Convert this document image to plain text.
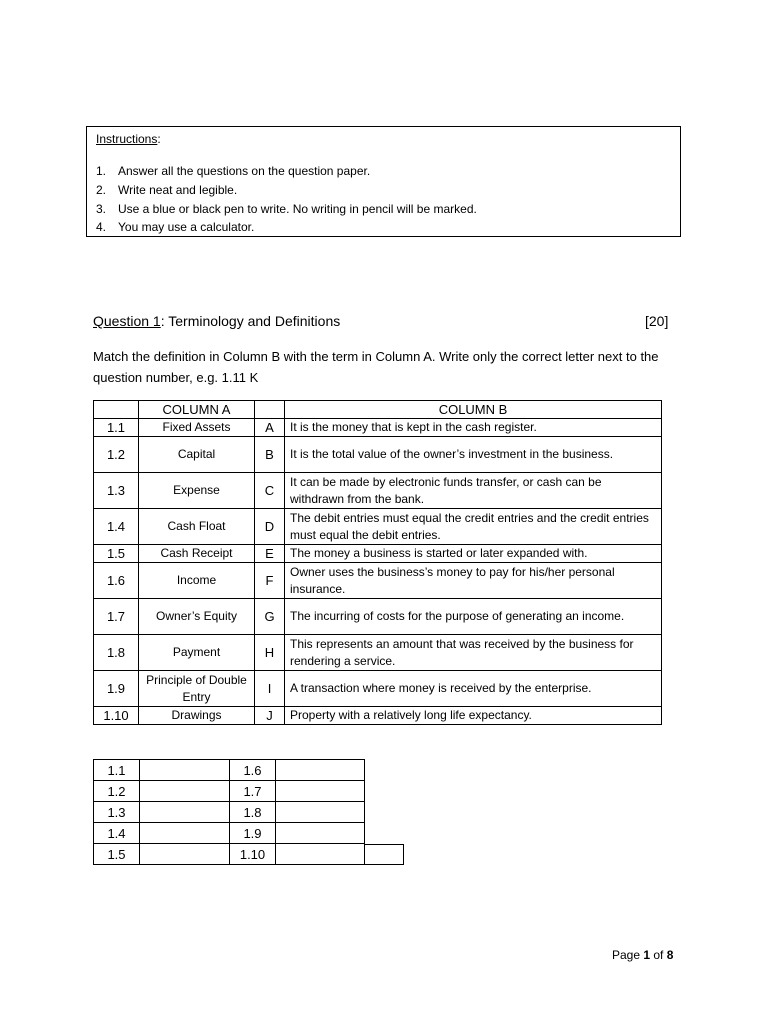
Instructions:
1. Answer all the questions on the question paper.
2. Write neat and legible.
3. Use a blue or black pen to write. No writing in pencil will be marked.
4. You may use a calculator.
Question 1: Terminology and Definitions	[20]
Match the definition in Column B with the term in Column A. Write only the correct letter next to the question number, e.g. 1.11 K
	COLUMN A		COLUMN B
1.1	Fixed Assets	A	It is the money that is kept in the cash register.
1.2	Capital	B	It is the total value of the owner’s investment in the business.
1.3	Expense	C	It can be made by electronic funds transfer, or cash can be withdrawn from the bank.
1.4	Cash Float	D	The debit entries must equal the credit entries and the credit entries must equal the debit entries.
1.5	Cash Receipt	E	The money a business is started or later expanded with.
1.6	Income	F	Owner uses the business’s money to pay for his/her personal insurance.
1.7	Owner’s Equity	G	The incurring of costs for the purpose of generating an income.
1.8	Payment	H	This represents an amount that was received by the business for rendering a service.
1.9	Principle of Double Entry	I	A transaction where money is received by the enterprise.
1.10	Drawings	J	Property with a relatively long life expectancy.
1.1		1.6	
1.2		1.7	
1.3		1.8	
1.4		1.9	
1.5		1.10	
Page 1 of 8
